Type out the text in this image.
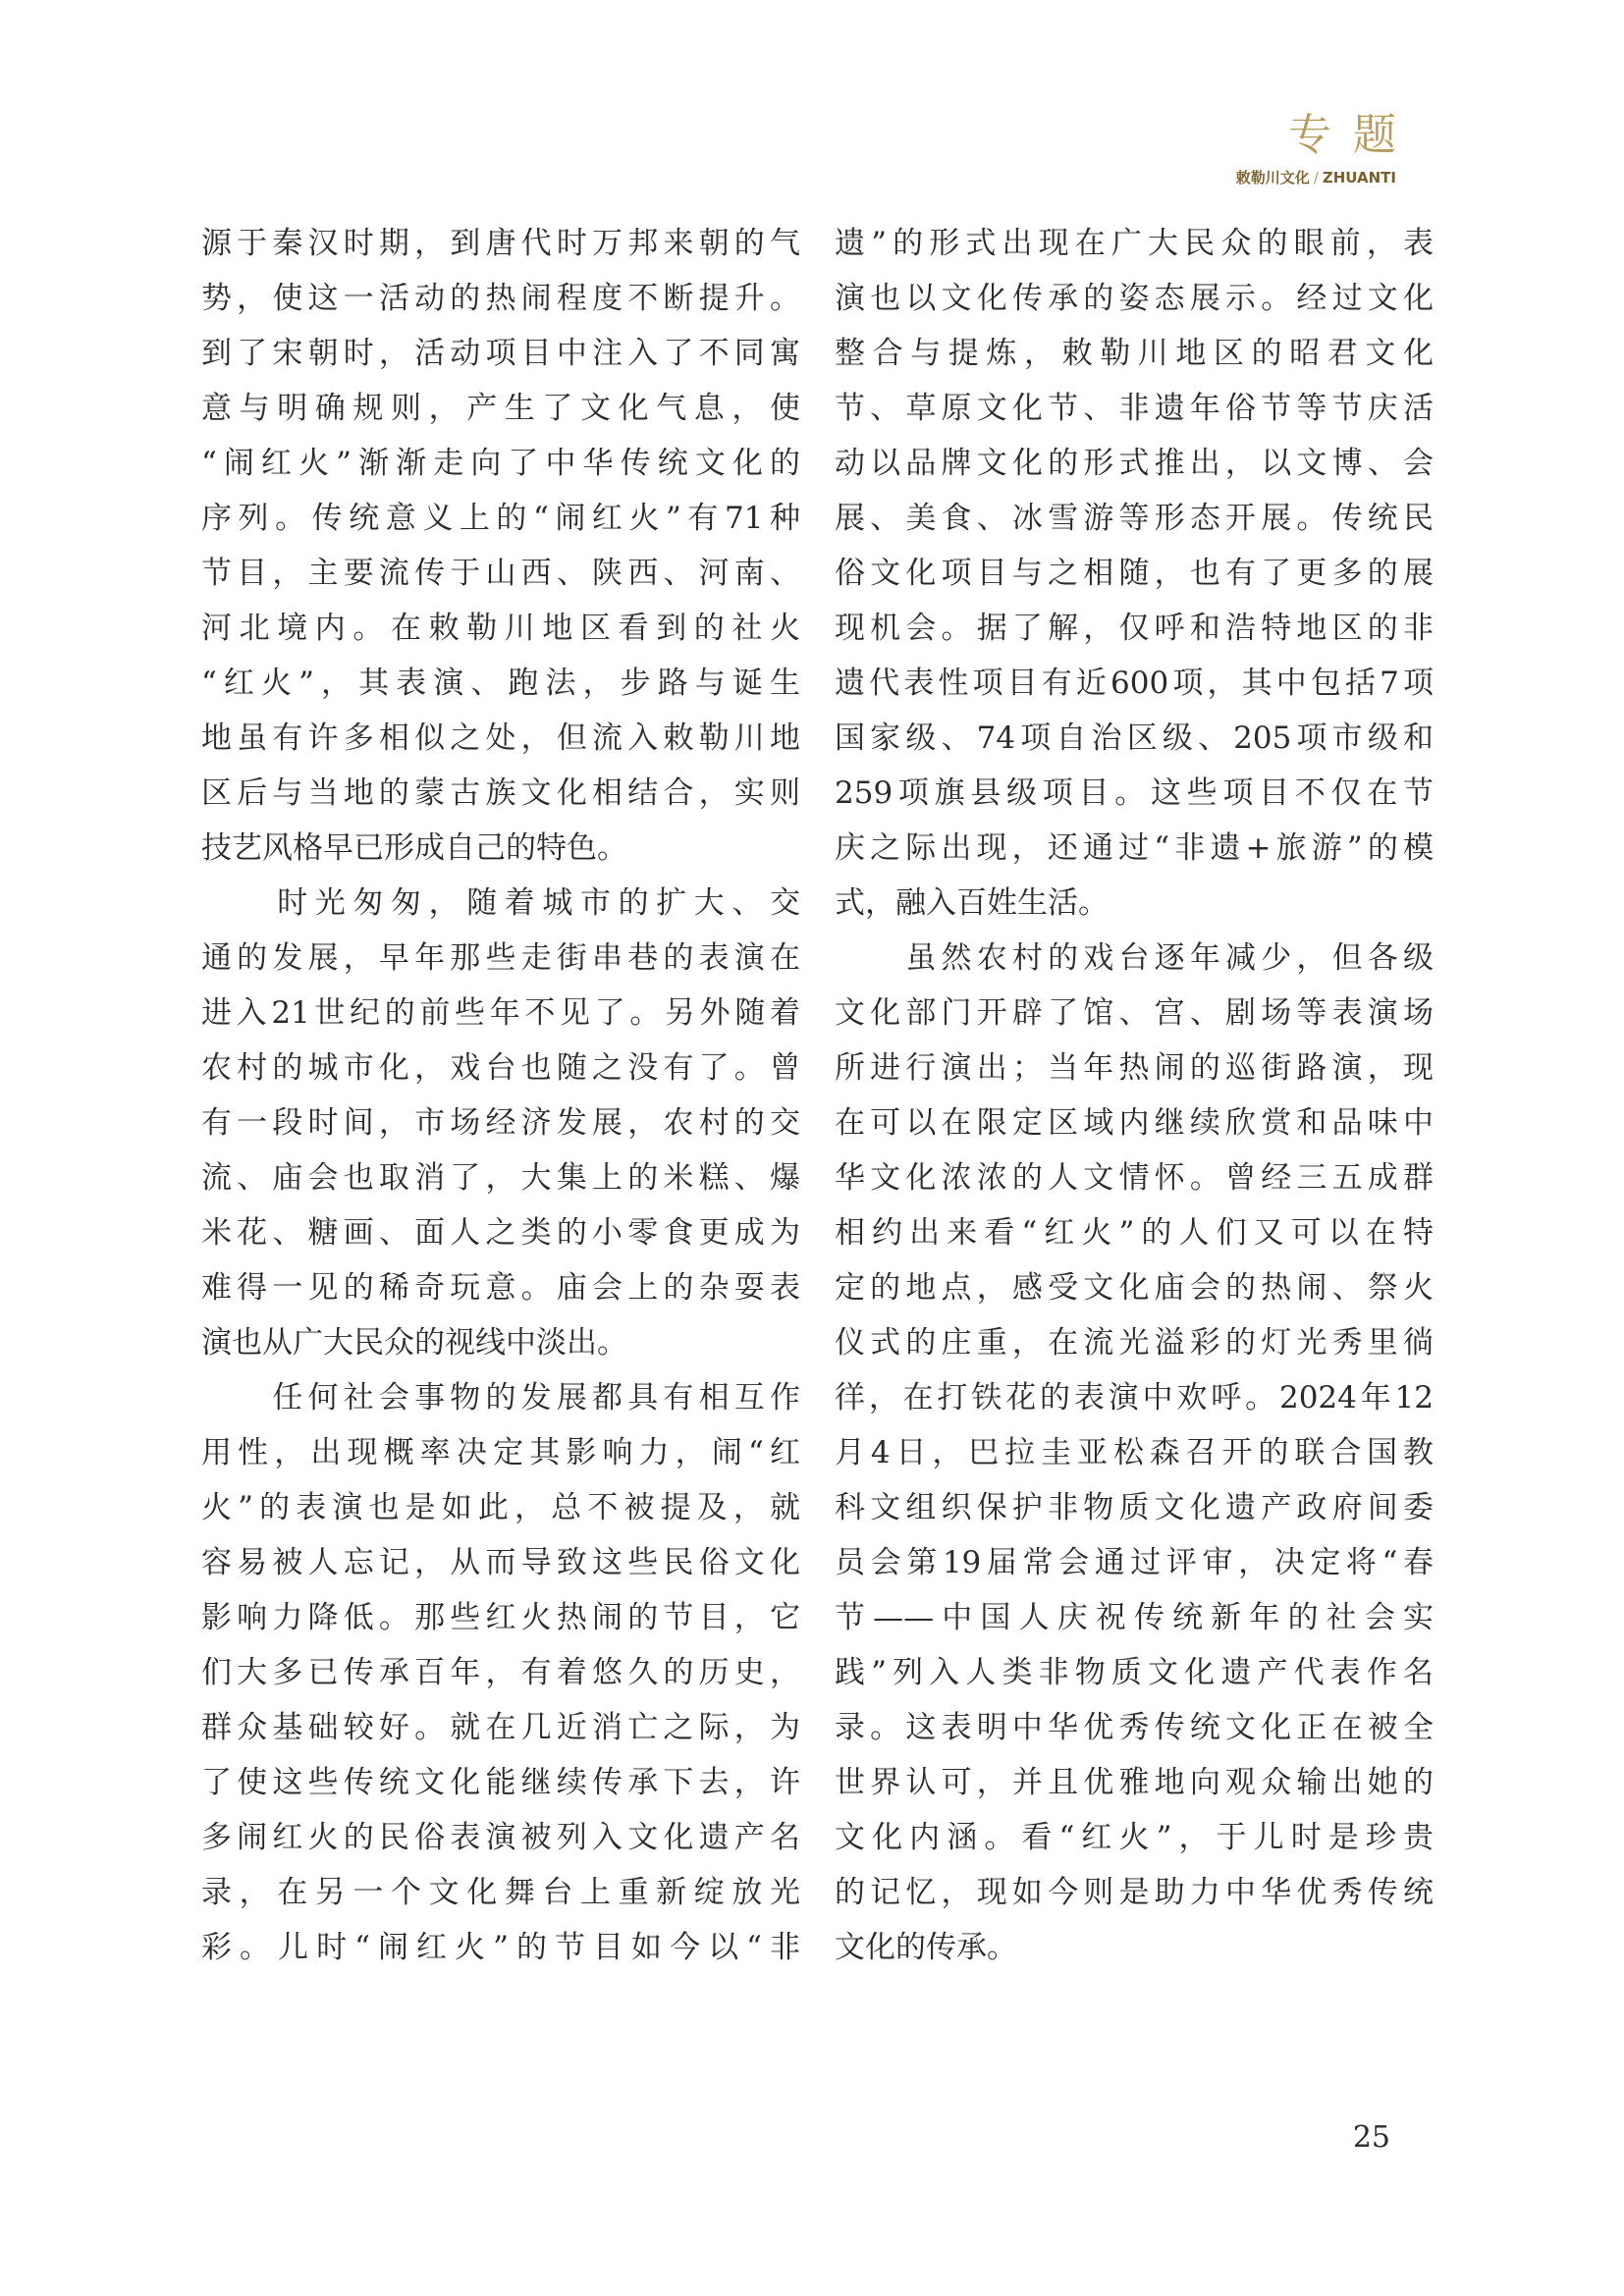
专题
敕勒川文化 / ZHUANTI
源于秦汉时期，到唐代时万邦来朝的气
势，使这一活动的热闹程度不断提升。
到了宋朝时，活动项目中注入了不同寓
意与明确规则，产生了文化气息，使
“闹红火”渐渐走向了中华传统文化的
序列。传统意义上的“闹红火”有71种
节目，主要流传于山西、陕西、河南、
河北境内。在敕勒川地区看到的社火
“红火”，其表演、跑法，步路与诞生
地虽有许多相似之处，但流入敕勒川地
区后与当地的蒙古族文化相结合，实则
技艺风格早已形成自己的特色。
　　时光匆匆，随着城市的扩大、交
通的发展，早年那些走街串巷的表演在
进入21世纪的前些年不见了。另外随着
农村的城市化，戏台也随之没有了。曾
有一段时间，市场经济发展，农村的交
流、庙会也取消了，大集上的米糕、爆
米花、糖画、面人之类的小零食更成为
难得一见的稀奇玩意。庙会上的杂耍表
演也从广大民众的视线中淡出。
　　任何社会事物的发展都具有相互作
用性，出现概率决定其影响力，闹“红
火”的表演也是如此，总不被提及，就
容易被人忘记，从而导致这些民俗文化
影响力降低。那些红火热闹的节目，它
们大多已传承百年，有着悠久的历史，
群众基础较好。就在几近消亡之际，为
了使这些传统文化能继续传承下去，许
多闹红火的民俗表演被列入文化遗产名
录，在另一个文化舞台上重新绽放光
彩。儿时“闹红火”的节目如今以“非
遗”的形式出现在广大民众的眼前，表
演也以文化传承的姿态展示。经过文化
整合与提炼，敕勒川地区的昭君文化
节、草原文化节、非遗年俗节等节庆活
动以品牌文化的形式推出，以文博、会
展、美食、冰雪游等形态开展。传统民
俗文化项目与之相随，也有了更多的展
现机会。据了解，仅呼和浩特地区的非
遗代表性项目有近600项，其中包括7项
国家级、74项自治区级、205项市级和
259项旗县级项目。这些项目不仅在节
庆之际出现，还通过“非遗+旅游”的模
式，融入百姓生活。
　　虽然农村的戏台逐年减少，但各级
文化部门开辟了馆、宫、剧场等表演场
所进行演出；当年热闹的巡街路演，现
在可以在限定区域内继续欣赏和品味中
华文化浓浓的人文情怀。曾经三五成群
相约出来看“红火”的人们又可以在特
定的地点，感受文化庙会的热闹、祭火
仪式的庄重，在流光溢彩的灯光秀里徜
徉，在打铁花的表演中欢呼。2024年12
月4日，巴拉圭亚松森召开的联合国教
科文组织保护非物质文化遗产政府间委
员会第19届常会通过评审，决定将“春
节——中国人庆祝传统新年的社会实
践”列入人类非物质文化遗产代表作名
录。这表明中华优秀传统文化正在被全
世界认可，并且优雅地向观众输出她的
文化内涵。看“红火”，于儿时是珍贵
的记忆，现如今则是助力中华优秀传统
文化的传承。
25
